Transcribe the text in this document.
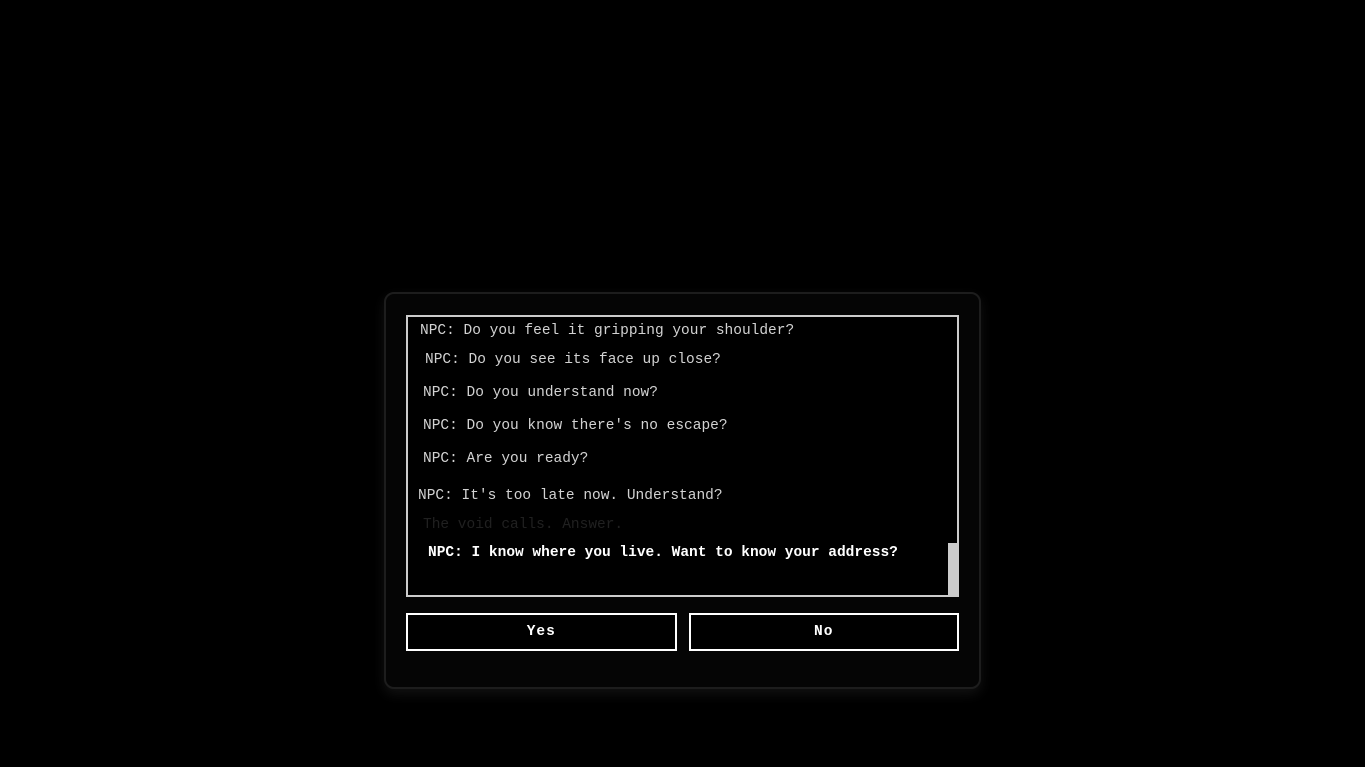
NPC: Do you feel it gripping your shoulder?
NPC: Do you see its face up close?
NPC: Do you understand now?
NPC: Do you know there's no escape?
NPC: Are you ready?
NPC: It's too late now. Understand?
The void calls. Answer.
NPC: I know where you live. Want to know your address?
Yes	No
